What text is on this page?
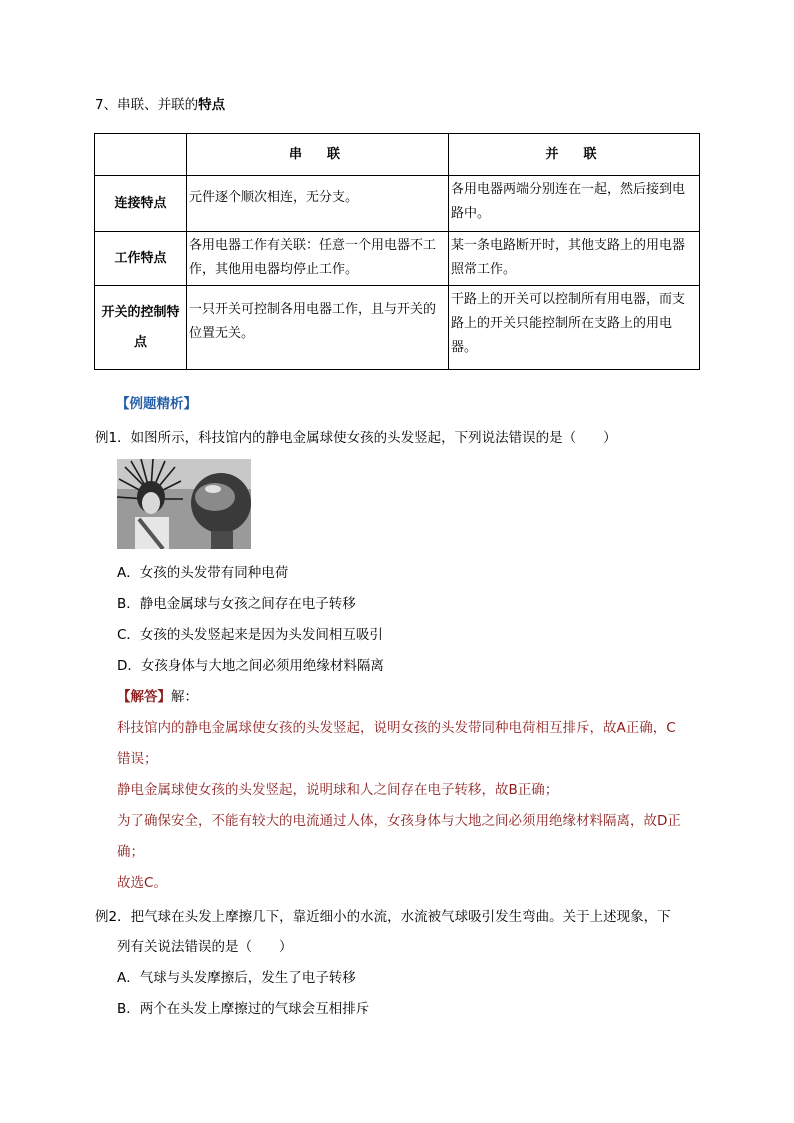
7、串联、并联的特点
	串　联	并　联
连接特点	元件逐个顺次相连，无分支。	各用电器两端分别连在一起，然后接到电路中。
工作特点	各用电器工作有关联：任意一个用电器不工作，其他用电器均停止工作。	某一条电路断开时，其他支路上的用电器照常工作。
开关的控制特点	一只开关可控制各用电器工作，且与开关的位置无关。	干路上的开关可以控制所有用电器，而支路上的开关只能控制所在支路上的用电器。
【例题精析】
例1．如图所示，科技馆内的静电金属球使女孩的头发竖起，下列说法错误的是（　　）
A．女孩的头发带有同种电荷
B．静电金属球与女孩之间存在电子转移
C．女孩的头发竖起来是因为头发间相互吸引
D．女孩身体与大地之间必须用绝缘材料隔离
【解答】解：
科技馆内的静电金属球使女孩的头发竖起，说明女孩的头发带同种电荷相互排斥，故A正确，C
错误；
静电金属球使女孩的头发竖起，说明球和人之间存在电子转移，故B正确；
为了确保安全，不能有较大的电流通过人体，女孩身体与大地之间必须用绝缘材料隔离，故D正
确；
故选C。
例2．把气球在头发上摩擦几下，靠近细小的水流，水流被气球吸引发生弯曲。关于上述现象，下
列有关说法错误的是（　　）
A．气球与头发摩擦后，发生了电子转移
B．两个在头发上摩擦过的气球会互相排斥
